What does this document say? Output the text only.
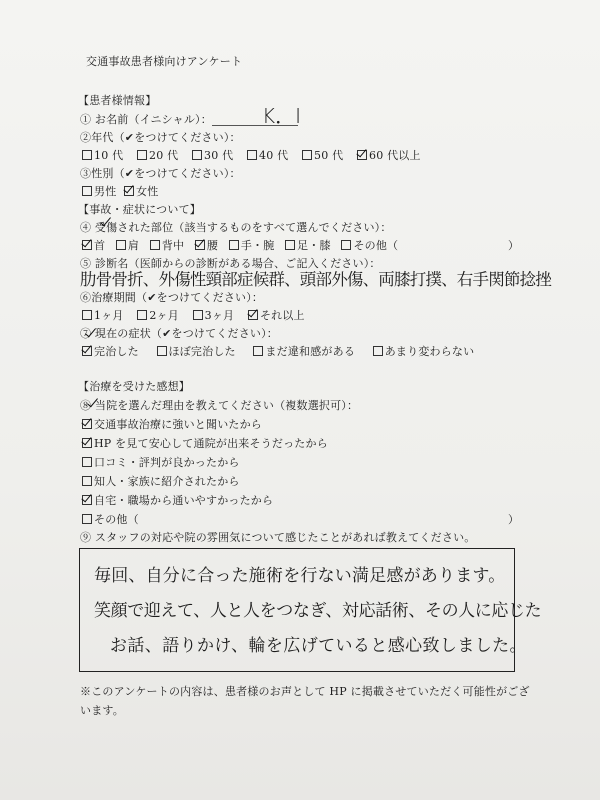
交通事故患者様向けアンケート
【患者様情報】
① お名前（イニシャル）：	K．I
②年代（✔をつけてください）：
10 代 20 代 30 代 40 代 50 代 60 代以上
③性別（✔をつけてください）：
男性 女性
【事故・症状について】
④ 受傷された部位（該当するものをすべて選んでください）：
首 肩 背中 腰 手・腕 足・膝 その他（	）
⑤ 診断名（医師からの診断がある場合、ご記入ください）：
肋骨骨折、外傷性頸部症候群、頭部外傷、両膝打撲、右手関節捻挫
⑥治療期間（✔をつけてください）：
1ヶ月 2ヶ月 3ヶ月 それ以上
⑦ 現在の症状（✔をつけてください）：
完治した	ほぼ完治した	まだ違和感がある	あまり変わらない
【治療を受けた感想】
⑧ 当院を選んだ理由を教えてください（複数選択可）：
交通事故治療に強いと聞いたから
HP を見て安心して通院が出来そうだったから
口コミ・評判が良かったから
知人・家族に紹介されたから
自宅・職場から通いやすかったから
その他（	）
⑨ スタッフの対応や院の雰囲気について感じたことがあれば教えてください。
毎回、自分に合った施術を行ない満足感があります。
笑顔で迎えて、人と人をつなぎ、対応話術、その人に応じた
お話、語りかけ、輪を広げていると感心致しました。
※このアンケートの内容は、患者様のお声として HP に掲載させていただく可能性がござ
います。
